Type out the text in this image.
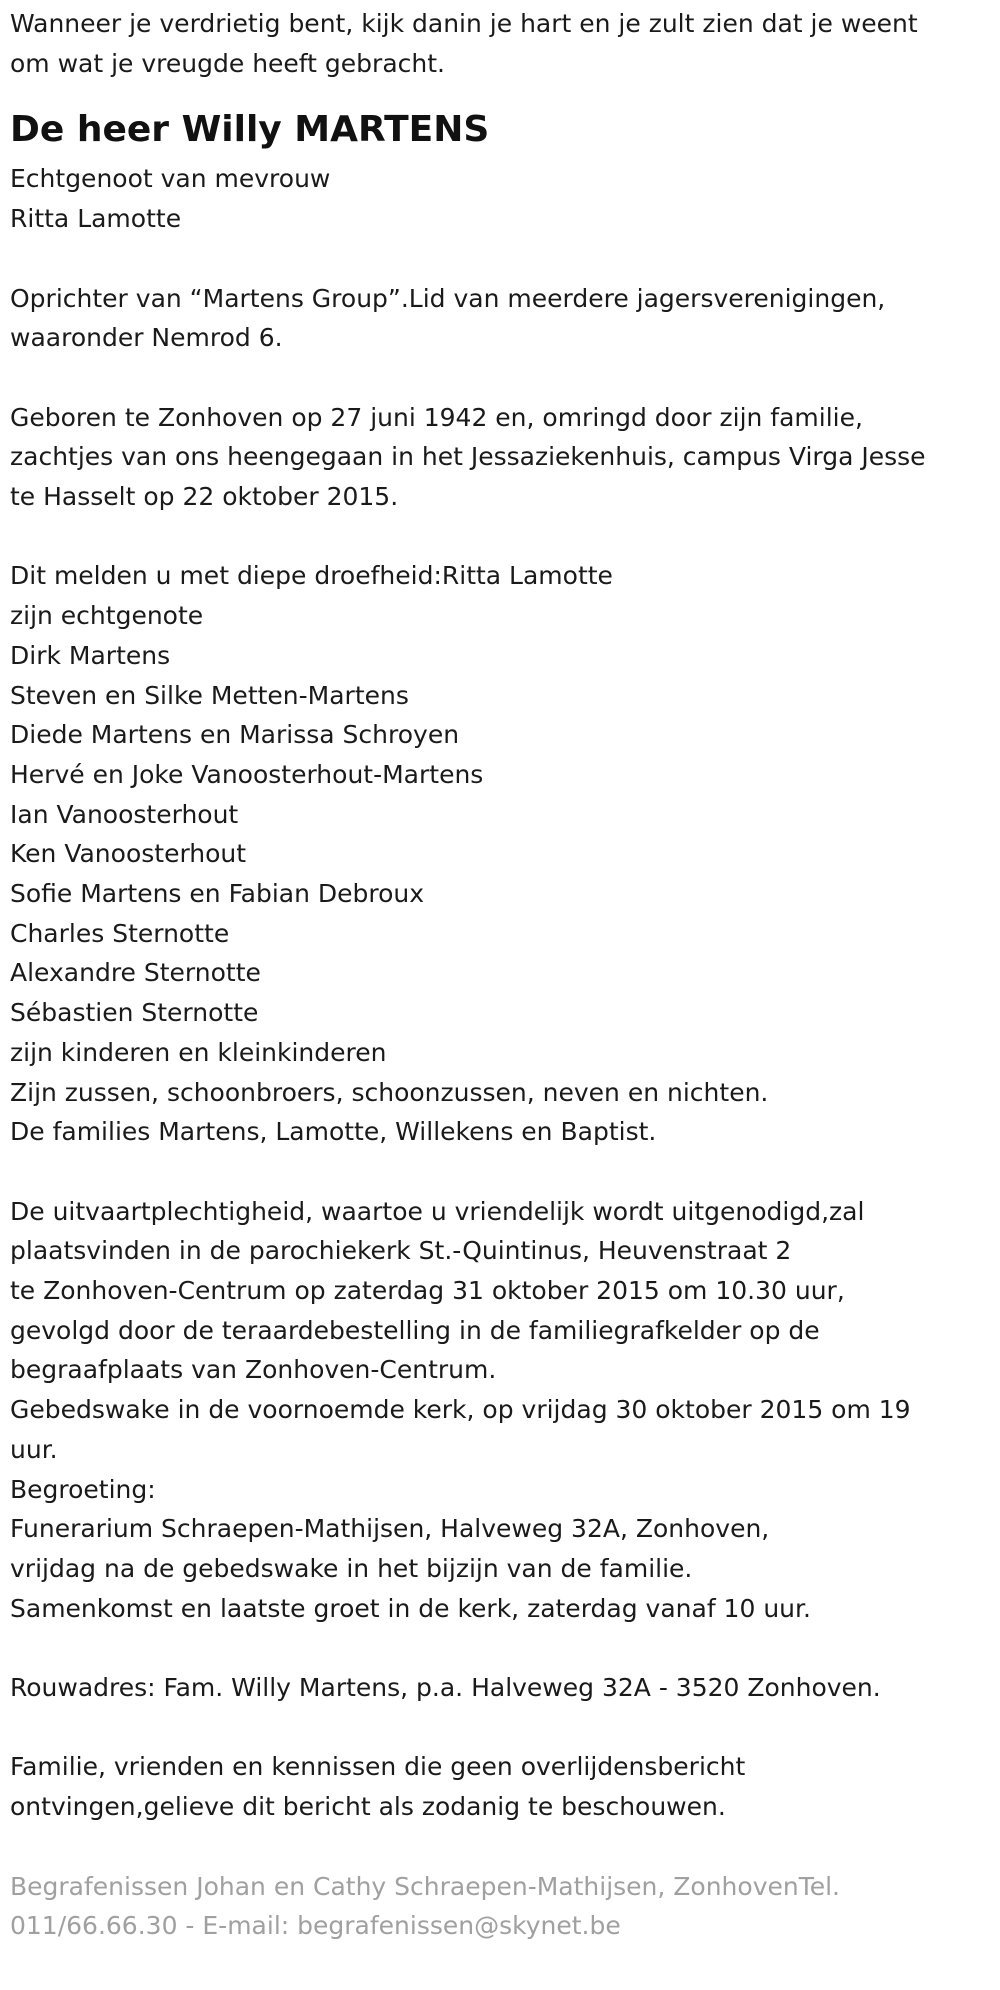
Wanneer je verdrietig bent, kijk danin je hart en je zult zien dat je weent

om wat je vreugde heeft gebracht.

De heer Willy MARTENS

Echtgenoot van mevrouw

Ritta Lamotte

Oprichter van “Martens Group”.Lid van meerdere jagersverenigingen,

waaronder Nemrod 6.

Geboren te Zonhoven op 27 juni 1942 en, omringd door zijn familie,

zachtjes van ons heengegaan in het Jessaziekenhuis, campus Virga Jesse

te Hasselt op 22 oktober 2015.

Dit melden u met diepe droefheid:Ritta Lamotte

zijn echtgenote

Dirk Martens

Steven en Silke Metten-Martens

Diede Martens en Marissa Schroyen

Hervé en Joke Vanoosterhout-Martens

Ian Vanoosterhout

Ken Vanoosterhout

Sofie Martens en Fabian Debroux

Charles Sternotte

Alexandre Sternotte

Sébastien Sternotte

zijn kinderen en kleinkinderen

Zijn zussen, schoonbroers, schoonzussen, neven en nichten.

De families Martens, Lamotte, Willekens en Baptist.

De uitvaartplechtigheid, waartoe u vriendelijk wordt uitgenodigd,zal

plaatsvinden in de parochiekerk St.-Quintinus, Heuvenstraat 2

te Zonhoven-Centrum op zaterdag 31 oktober 2015 om 10.30 uur,

gevolgd door de teraardebestelling in de familiegrafkelder op de

begraafplaats van Zonhoven-Centrum.

Gebedswake in de voornoemde kerk, op vrijdag 30 oktober 2015 om 19

uur.

Begroeting:

Funerarium Schraepen-Mathijsen, Halveweg 32A, Zonhoven,

vrijdag na de gebedswake in het bijzijn van de familie.

Samenkomst en laatste groet in de kerk, zaterdag vanaf 10 uur.

Rouwadres: Fam. Willy Martens, p.a. Halveweg 32A - 3520 Zonhoven.

Familie, vrienden en kennissen die geen overlijdensbericht

ontvingen,gelieve dit bericht als zodanig te beschouwen.

Begrafenissen Johan en Cathy Schraepen-Mathijsen, ZonhovenTel.

011/66.66.30 - E-mail: begrafenissen@skynet.be
